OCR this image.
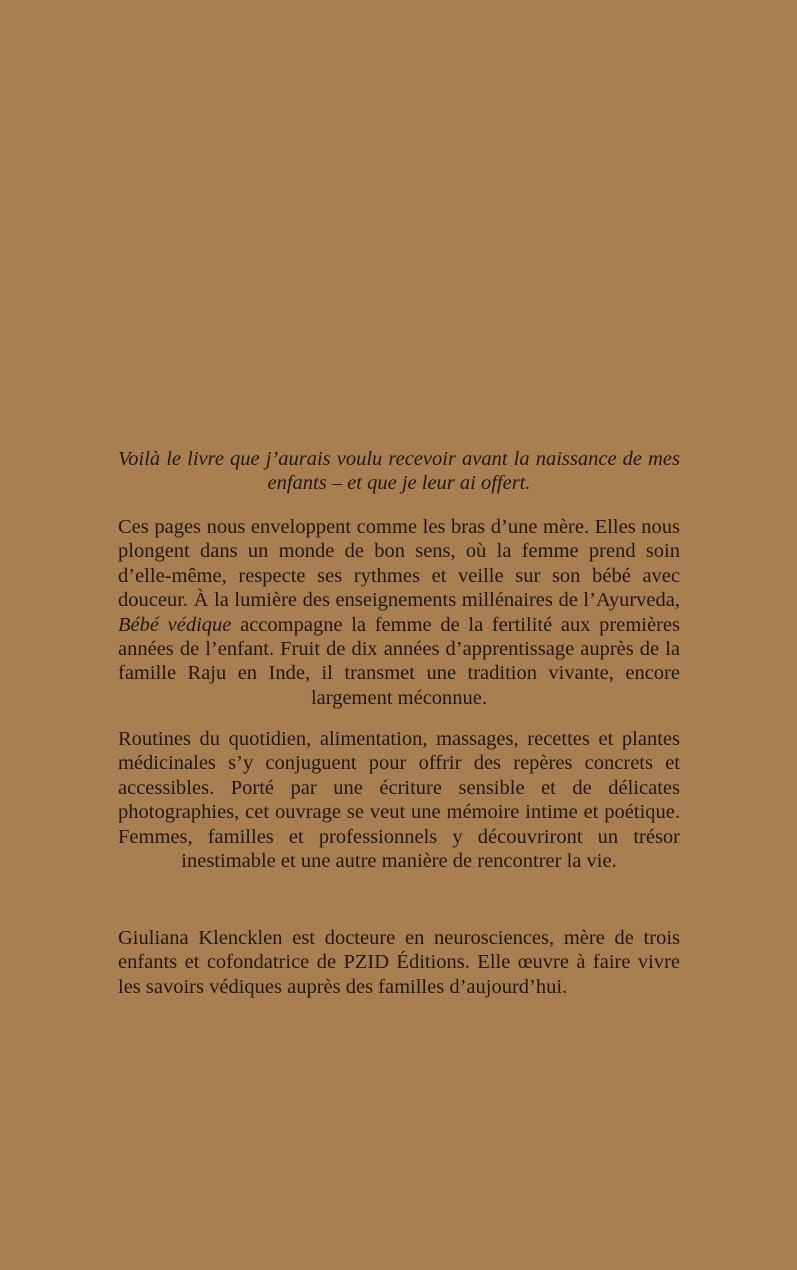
Voilà le livre que j’aurais voulu recevoir avant la naissance de mes enfants – et que je leur ai offert.

Ces pages nous enveloppent comme les bras d’une mère. Elles nous plongent dans un monde de bon sens, où la femme prend soin d’elle-même, respecte ses rythmes et veille sur son bébé avec douceur. À la lumière des enseignements millénaires de l’Ayurveda, Bébé védique accompagne la femme de la fertilité aux premières années de l’enfant. Fruit de dix années d’apprentissage auprès de la famille Raju en Inde, il transmet une tradition vivante, encore largement méconnue.

Routines du quotidien, alimentation, massages, recettes et plantes médicinales s’y conjuguent pour offrir des repères concrets et accessibles. Porté par une écriture sensible et de délicates photographies, cet ouvrage se veut une mémoire intime et poétique. Femmes, familles et professionnels y découvriront un trésor inestimable et une autre manière de rencontrer la vie.

Giuliana Klencklen est docteure en neurosciences, mère de trois enfants et cofondatrice de PZID Éditions. Elle œuvre à faire vivre les savoirs védiques auprès des familles d’aujourd’hui.
